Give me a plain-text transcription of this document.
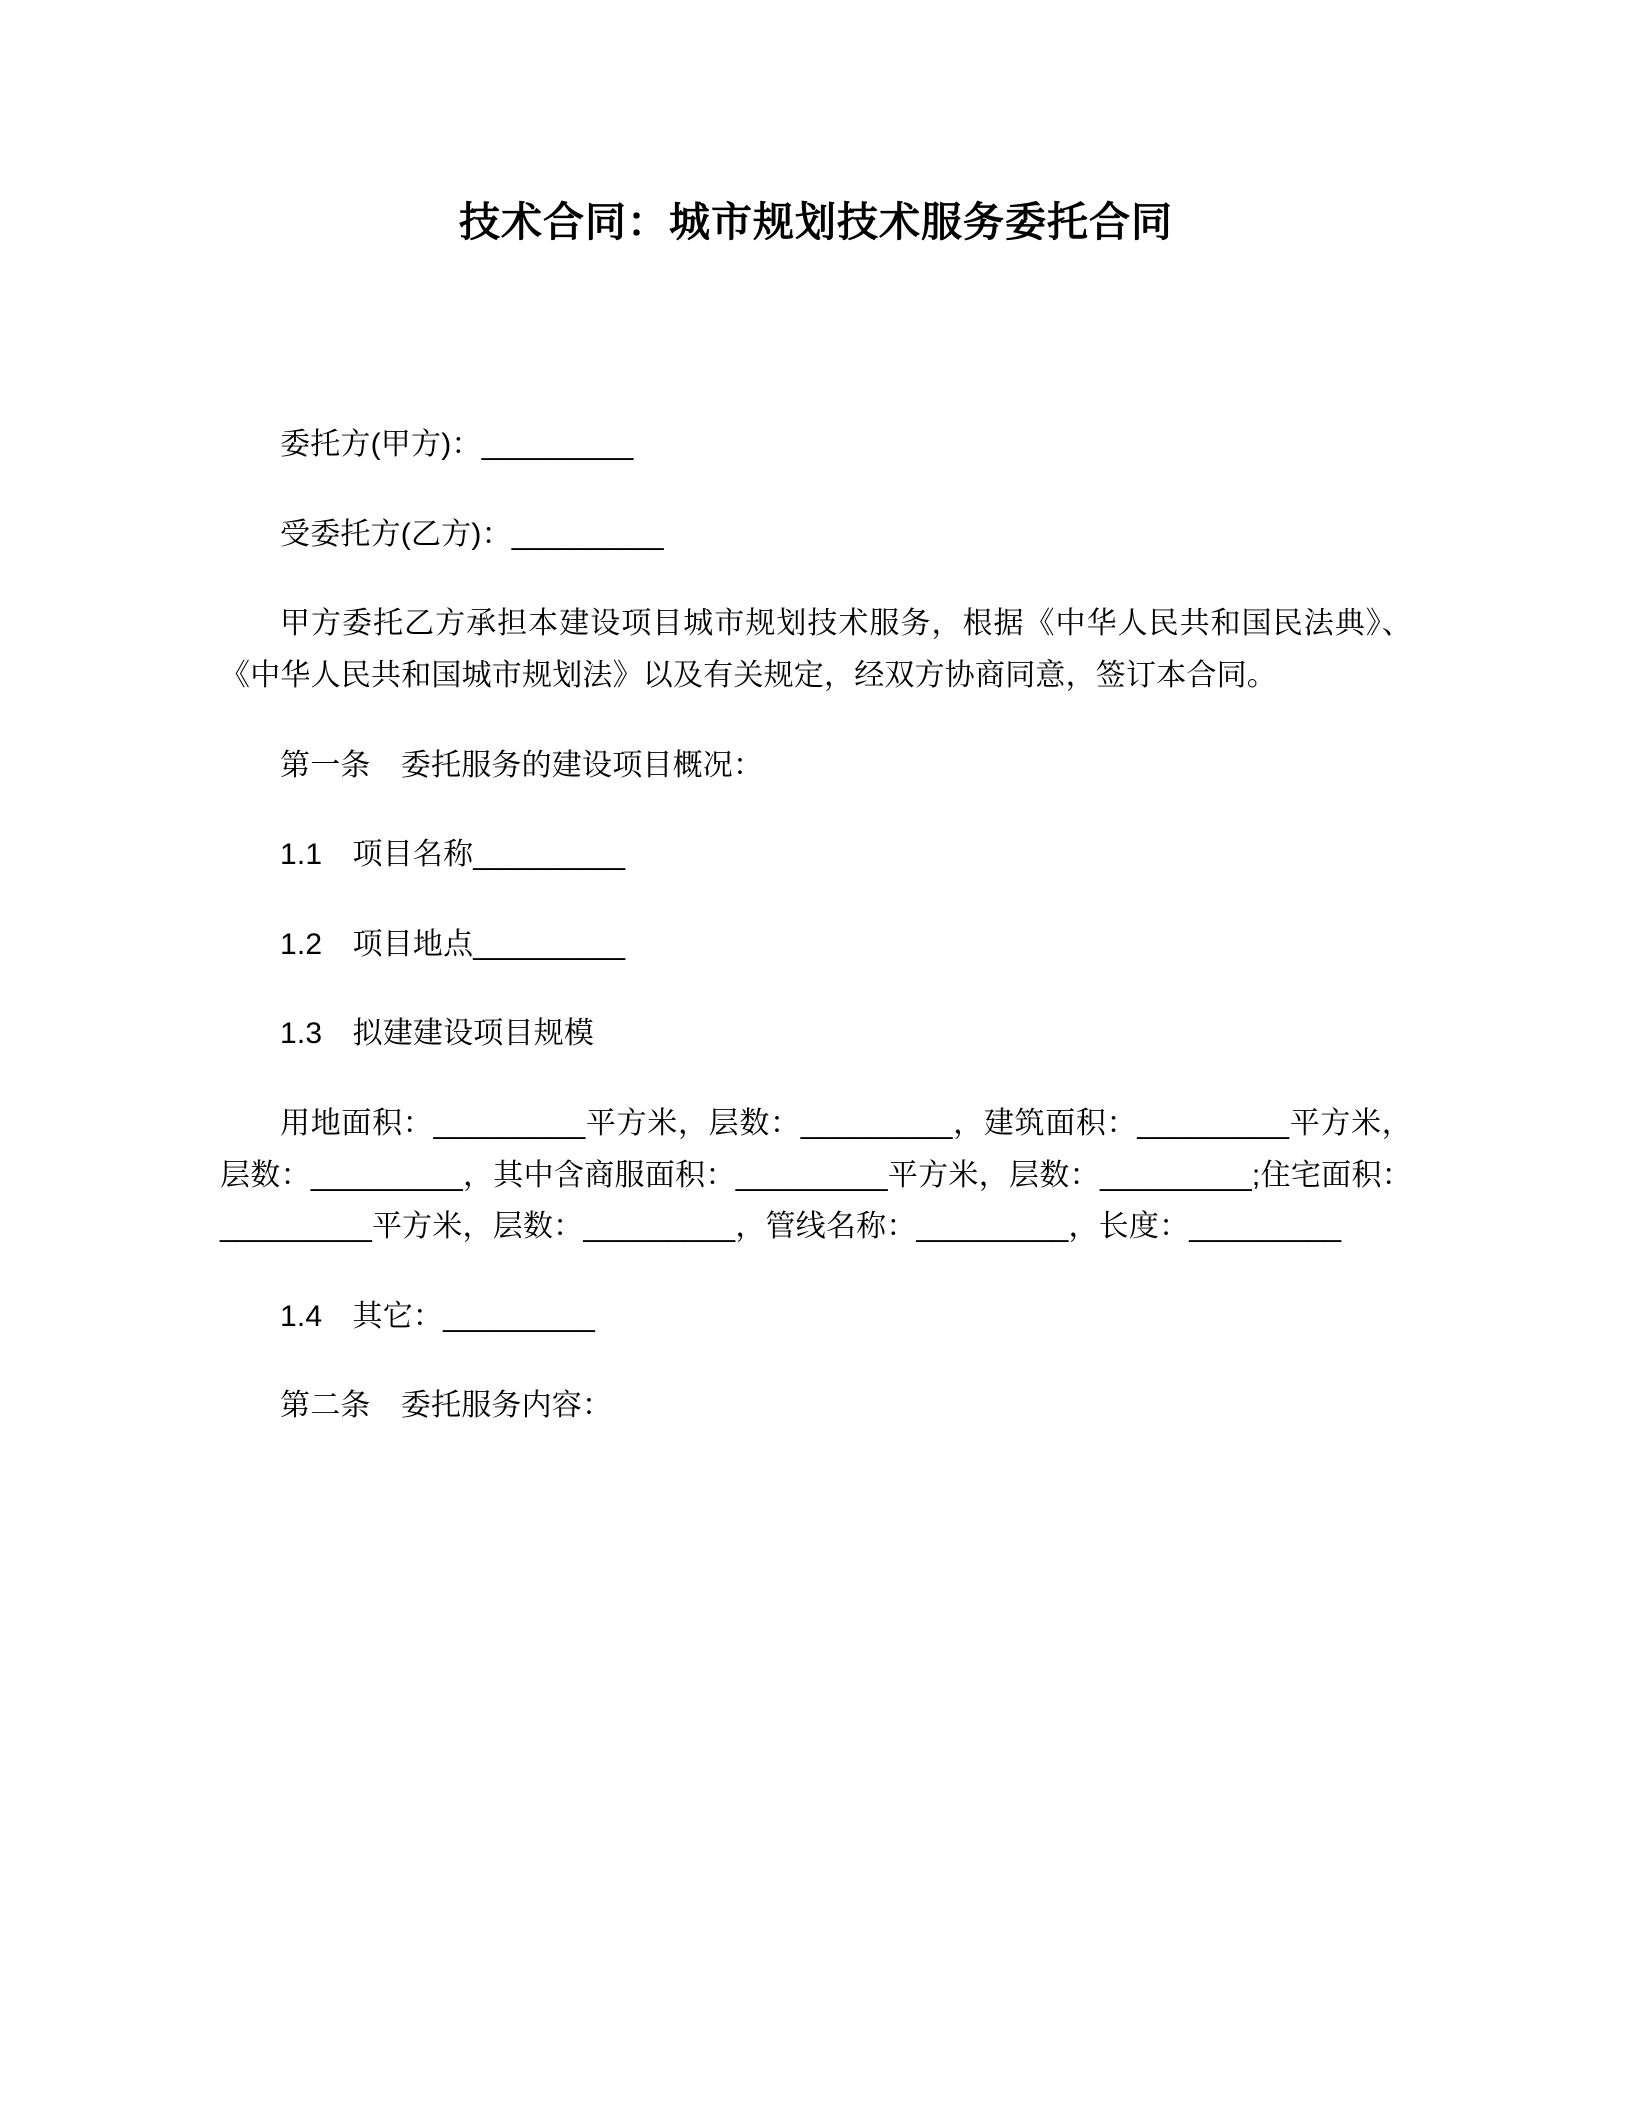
技术合同：城市规划技术服务委托合同

委托方(甲方)：_________

受委托方(乙方)：_________

甲方委托乙方承担本建设项目城市规划技术服务，根据《中华人民共和国民法典》、《中华人民共和国城市规划法》以及有关规定，经双方协商同意，签订本合同。

第一条　委托服务的建设项目概况：

1.1　项目名称_________

1.2　项目地点_________

1.3　拟建建设项目规模

用地面积：_________平方米，层数：_________，建筑面积：_________平方米，层数：_________，其中含商服面积：_________平方米，层数：_________;住宅面积：_________平方米，层数：_________，管线名称：_________，长度：_________

1.4　其它：_________

第二条　委托服务内容：
